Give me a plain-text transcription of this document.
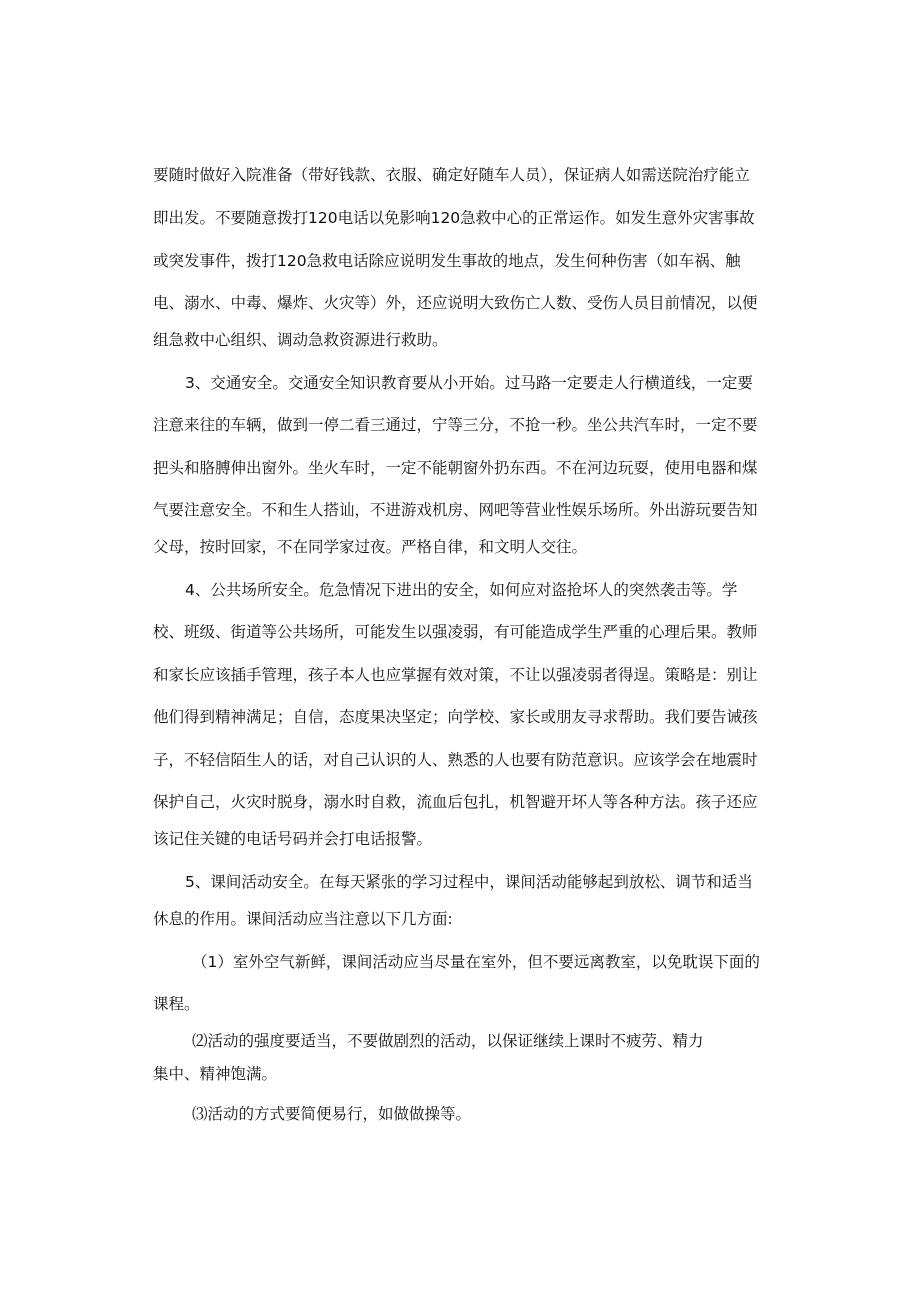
要随时做好入院准备（带好钱款、衣服、确定好随车人员），保证病人如需送院治疗能立
即出发。不要随意拨打120电话以免影响120急救中心的正常运作。如发生意外灾害事故
或突发事件，拨打120急救电话除应说明发生事故的地点，发生何种伤害（如车祸、触
电、溺水、中毒、爆炸、火灾等）外，还应说明大致伤亡人数、受伤人员目前情况，以便
组急救中心组织、调动急救资源进行救助。
3、交通安全。交通安全知识教育要从小开始。过马路一定要走人行横道线，一定要
注意来往的车辆，做到一停二看三通过，宁等三分，不抢一秒。坐公共汽车时，一定不要
把头和胳膊伸出窗外。坐火车时，一定不能朝窗外扔东西。不在河边玩耍，使用电器和煤
气要注意安全。不和生人搭讪，不进游戏机房、网吧等营业性娱乐场所。外出游玩要告知
父母，按时回家，不在同学家过夜。严格自律，和文明人交往。
4、公共场所安全。危急情况下进出的安全，如何应对盗抢坏人的突然袭击等。学
校、班级、街道等公共场所，可能发生以强凌弱，有可能造成学生严重的心理后果。教师
和家长应该插手管理，孩子本人也应掌握有效对策，不让以强凌弱者得逞。策略是：别让
他们得到精神满足；自信，态度果决坚定；向学校、家长或朋友寻求帮助。我们要告诫孩
子，不轻信陌生人的话，对自己认识的人、熟悉的人也要有防范意识。应该学会在地震时
保护自己，火灾时脱身，溺水时自救，流血后包扎，机智避开坏人等各种方法。孩子还应
该记住关键的电话号码并会打电话报警。
5、课间活动安全。在每天紧张的学习过程中，课间活动能够起到放松、调节和适当
休息的作用。课间活动应当注意以下几方面:
（1）室外空气新鲜，课间活动应当尽量在室外，但不要远离教室，以免耽误下面的
课程。
⑵活动的强度要适当，不要做剧烈的活动，以保证继续上课时不疲劳、精力
集中、精神饱满。
⑶活动的方式要简便易行，如做做操等。
